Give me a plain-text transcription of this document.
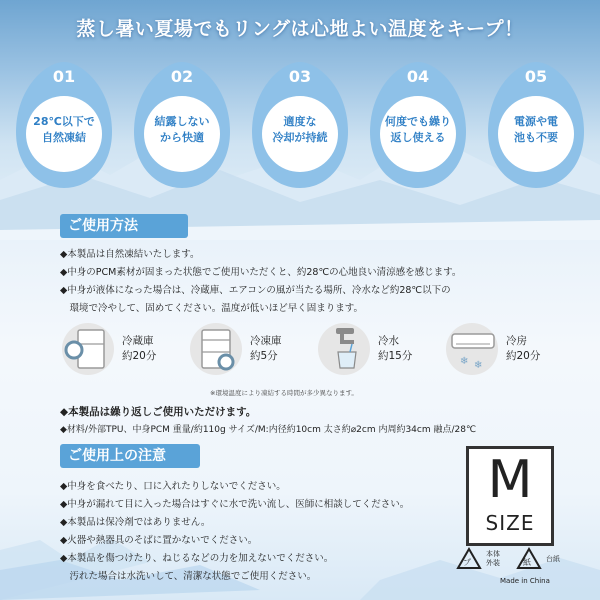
蒸し暑い夏場でもリングは心地よい温度をキープ！
01
28℃以下で
自然凍結
02
結露しない
から快適
03
適度な
冷却が持続
04
何度でも繰り
返し使える
05
電源や電
池も不要
ご使用方法
◆本製品は自然凍結いたします。
◆中身のPCM素材が固まった状態でご使用いただくと、約28℃の心地良い清涼感を感じます。
◆中身が液体になった場合は、冷蔵庫、エアコンの風が当たる場所、冷水など約28℃以下の
　環境で冷やして、固めてください。温度が低いほど早く固まります。
冷蔵庫
約20分
冷凍庫
約5分
冷水
約15分	❄ ❄
冷房
約20分
※環境温度により凍結する時間が多少異なります。
◆本製品は繰り返しご使用いただけます。
◆材料/外部TPU、中身PCM 重量/約110g サイズ/M:内径約10cm 太さ約⌀2cm 内周約34cm 融点/28℃
ご使用上の注意
◆中身を食べたり、口に入れたりしないでください。
◆中身が漏れて目に入った場合はすぐに水で洗い流し、医師に相談してください。
◆本製品は保冷剤ではありません。
◆火器や熱器具のそばに置かないでください。
◆本製品を傷つけたり、ねじるなどの力を加えないでください。
　汚れた場合は水洗いして、清潔な状態でご使用ください。
M
SIZE
プ
本体
外装	紙 台紙
Made in China
